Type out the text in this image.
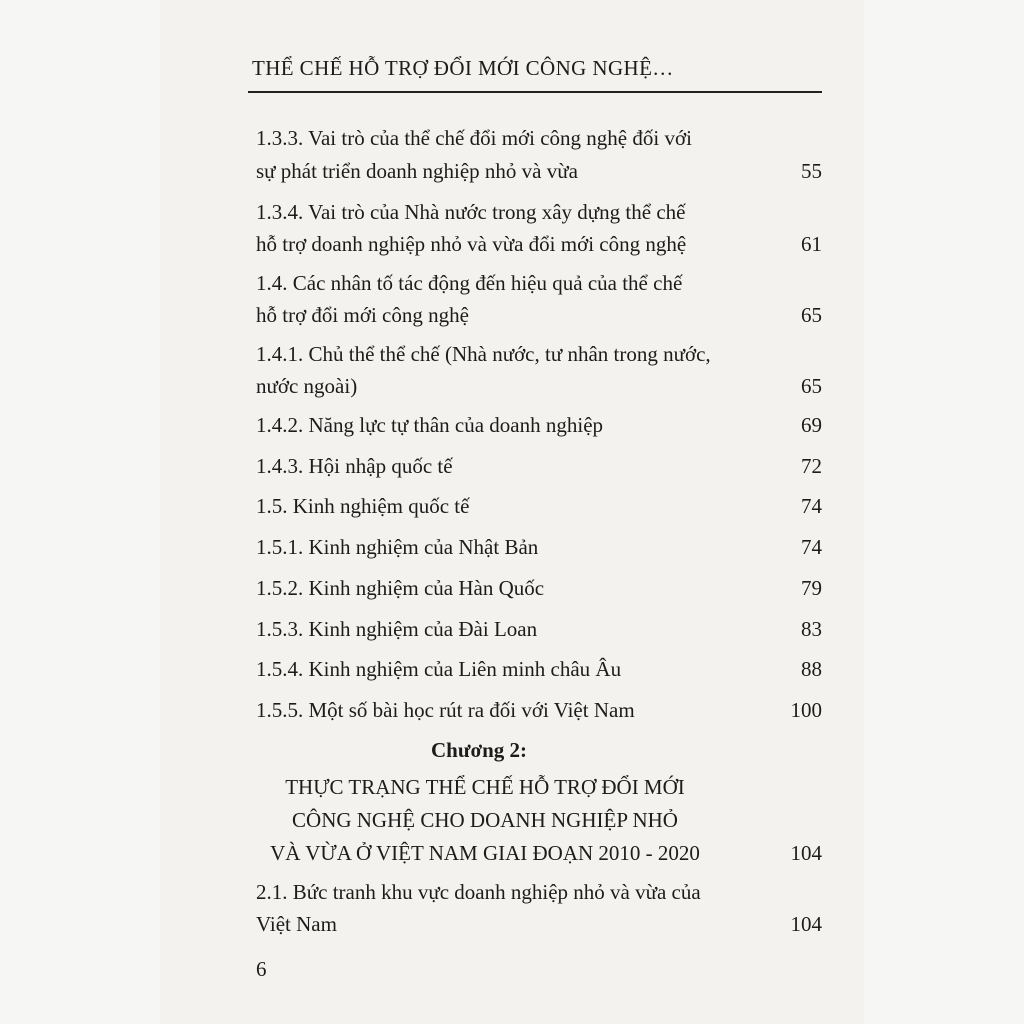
THỂ CHẾ HỖ TRỢ ĐỔI MỚI CÔNG NGHỆ…
1.3.3. Vai trò của thể chế đổi mới công nghệ đối với
sự phát triển doanh nghiệp nhỏ và vừa	55
1.3.4. Vai trò của Nhà nước trong xây dựng thể chế
hỗ trợ doanh nghiệp nhỏ và vừa đổi mới công nghệ	61
1.4. Các nhân tố tác động đến hiệu quả của thể chế
hỗ trợ đổi mới công nghệ	65
1.4.1. Chủ thể thể chế (Nhà nước, tư nhân trong nước,
nước ngoài)	65
1.4.2. Năng lực tự thân của doanh nghiệp	69
1.4.3. Hội nhập quốc tế	72
1.5. Kinh nghiệm quốc tế	74
1.5.1. Kinh nghiệm của Nhật Bản	74
1.5.2. Kinh nghiệm của Hàn Quốc	79
1.5.3. Kinh nghiệm của Đài Loan	83
1.5.4. Kinh nghiệm của Liên minh châu Âu	88
1.5.5. Một số bài học rút ra đối với Việt Nam	100
Chương 2:
THỰC TRẠNG THỂ CHẾ HỖ TRỢ ĐỔI MỚI
CÔNG NGHỆ CHO DOANH NGHIỆP NHỎ
VÀ VỪA Ở VIỆT NAM GIAI ĐOẠN 2010 - 2020	104
2.1. Bức tranh khu vực doanh nghiệp nhỏ và vừa của
Việt Nam	104
6
